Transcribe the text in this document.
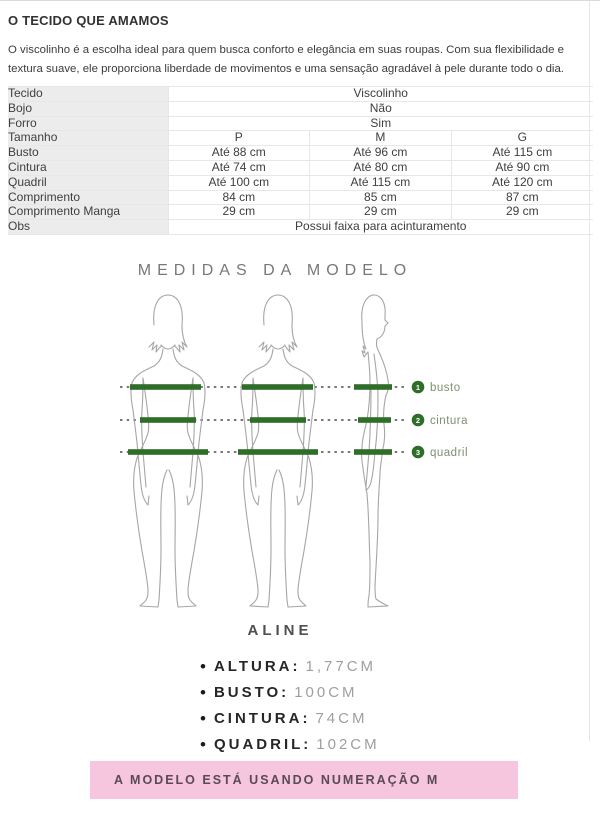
O TECIDO QUE AMAMOS

O viscolinho é a escolha ideal para quem busca conforto e elegância em suas roupas. Com sua flexibilidade e textura suave, ele proporciona liberdade de movimentos e uma sensação agradável à pele durante todo o dia.

Tecido	Viscolinho		
Bojo	Não		
Forro	Sim		
Tamanho	P	M	G
Busto	Até 88 cm	Até 96 cm	Até 115 cm
Cintura	Até 74 cm	Até 80 cm	Até 90 cm
Quadril	Até 100 cm	Até 115 cm	Até 120 cm
Comprimento	84 cm	85 cm	87 cm
Comprimento Manga	29 cm	29 cm	29 cm
Obs	Possui faixa para acinturamento		
MEDIDAS DA MODELO
1
2
3
busto
cintura
quadril
ALINE
• ALTURA: 1,77CM
• BUSTO: 100CM
• CINTURA: 74CM
• QUADRIL: 102CM
A MODELO ESTÁ USANDO NUMERAÇÃO M
